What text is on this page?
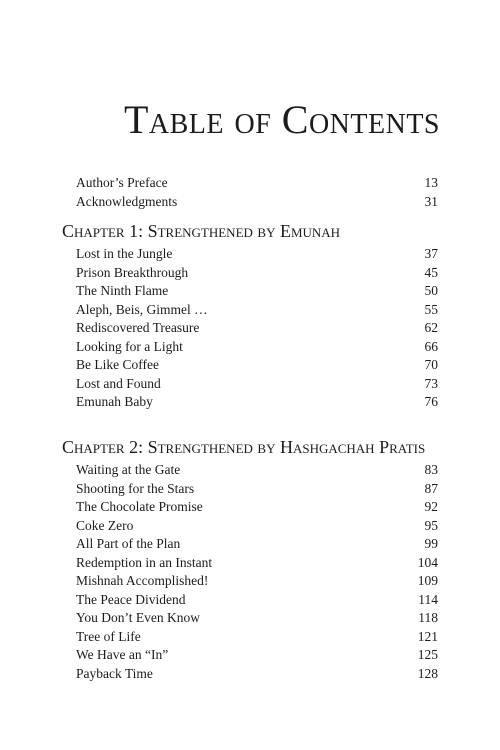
Table of Contents
Author’s Preface	13
Acknowledgments	31
Chapter 1: Strengthened by Emunah
Lost in the Jungle	37
Prison Breakthrough	45
The Ninth Flame	50
Aleph, Beis, Gimmel …	55
Rediscovered Treasure	62
Looking for a Light	66
Be Like Coffee	70
Lost and Found	73
Emunah Baby	76
Chapter 2: Strengthened by Hashgachah Pratis
Waiting at the Gate	83
Shooting for the Stars	87
The Chocolate Promise	92
Coke Zero	95
All Part of the Plan	99
Redemption in an Instant	104
Mishnah Accomplished!	109
The Peace Dividend	114
You Don’t Even Know	118
Tree of Life	121
We Have an “In”	125
Payback Time	128
